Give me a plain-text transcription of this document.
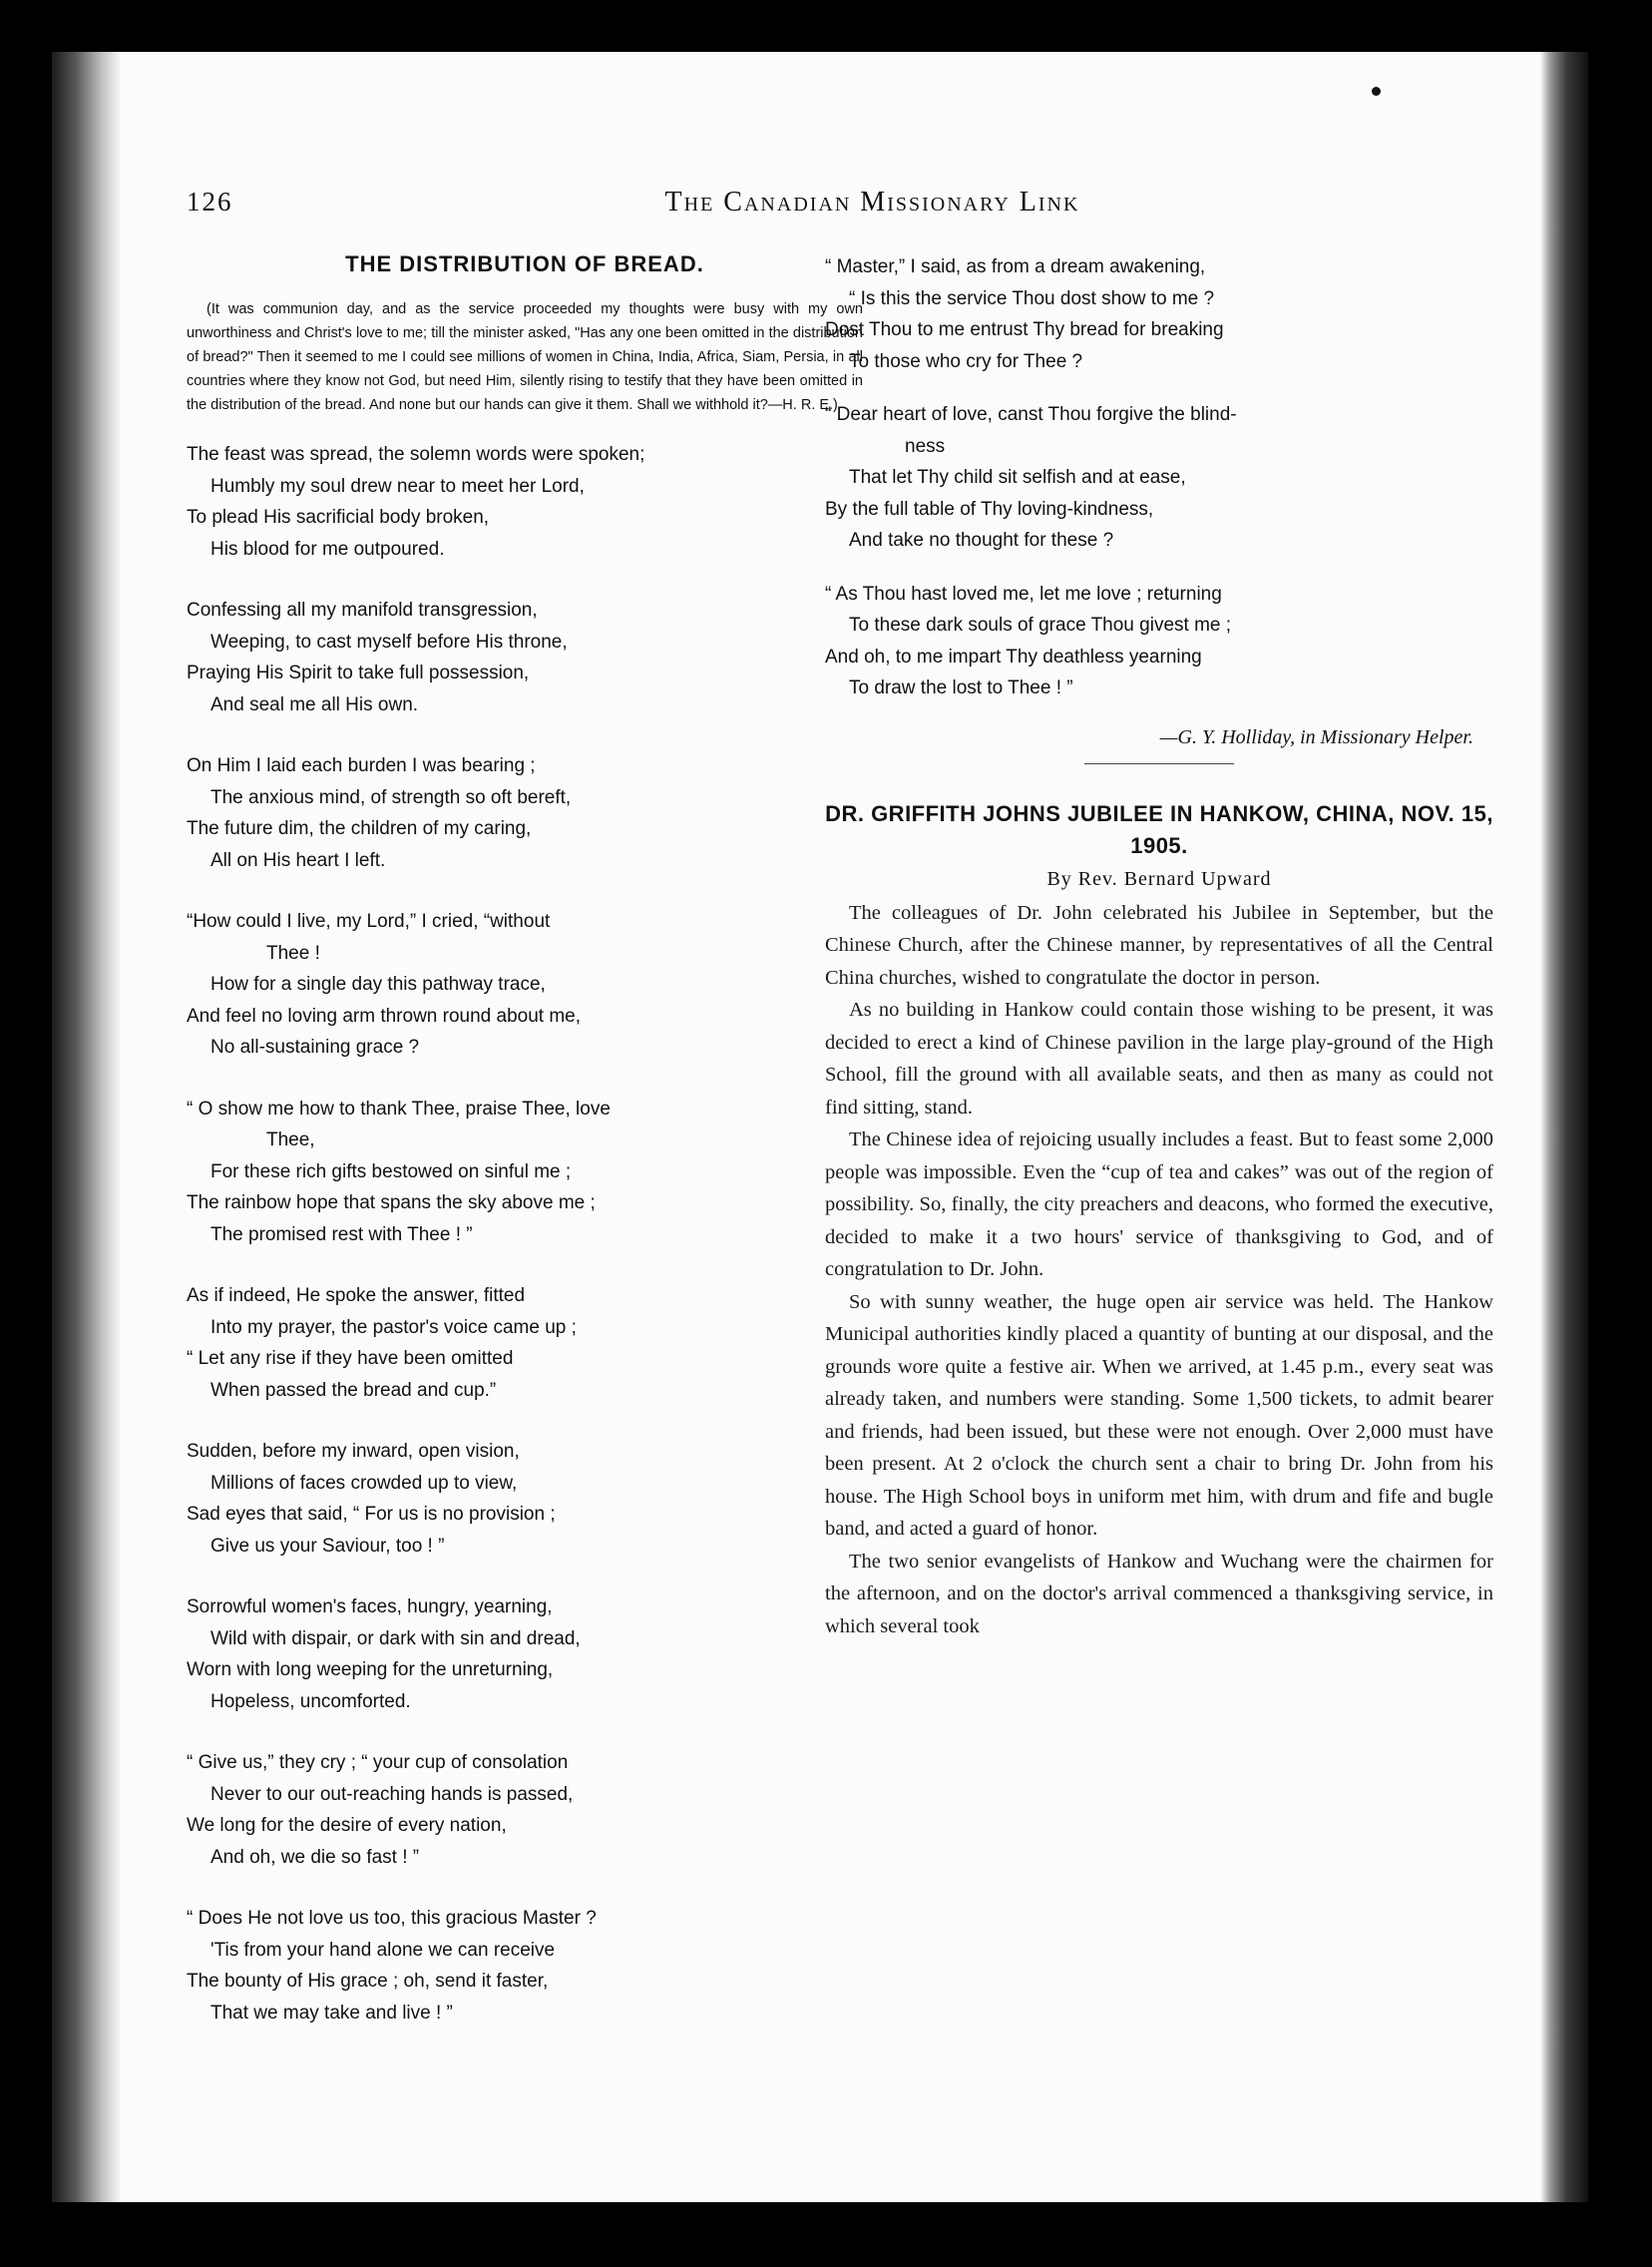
126	The Canadian Missionary Link
THE DISTRIBUTION OF BREAD.

(It was communion day, and as the service proceeded my thoughts were busy with my own unworthiness and Christ's love to me; till the minister asked, "Has any one been omitted in the distribution of bread?" Then it seemed to me I could see millions of women in China, India, Africa, Siam, Persia, in all countries where they know not God, but need Him, silently rising to testify that they have been omitted in the distribution of the bread. And none but our hands can give it them. Shall we withhold it?—H. R. E.)

The feast was spread, the solemn words were spoken;
Humbly my soul drew near to meet her Lord,
To plead His sacrificial body broken,
His blood for me outpoured.
Confessing all my manifold transgression,
Weeping, to cast myself before His throne,
Praying His Spirit to take full possession,
And seal me all His own.
On Him I laid each burden I was bearing ;
The anxious mind, of strength so oft bereft,
The future dim, the children of my caring,
All on His heart I left.
“How could I live, my Lord,” I cried, “without
Thee !
How for a single day this pathway trace,
And feel no loving arm thrown round about me,
No all-sustaining grace ?
“ O show me how to thank Thee, praise Thee, love
Thee,
For these rich gifts bestowed on sinful me ;
The rainbow hope that spans the sky above me ;
The promised rest with Thee ! ”
As if indeed, He spoke the answer, fitted
Into my prayer, the pastor's voice came up ;
“ Let any rise if they have been omitted
When passed the bread and cup.”
Sudden, before my inward, open vision,
Millions of faces crowded up to view,
Sad eyes that said, “ For us is no provision ;
Give us your Saviour, too ! ”
Sorrowful women's faces, hungry, yearning,
Wild with dispair, or dark with sin and dread,
Worn with long weeping for the unreturning,
Hopeless, uncomforted.
“ Give us,” they cry ; “ your cup of consolation
Never to our out-reaching hands is passed,
We long for the desire of every nation,
And oh, we die so fast ! ”
“ Does He not love us too, this gracious Master ?
'Tis from your hand alone we can receive
The bounty of His grace ; oh, send it faster,
That we may take and live ! ”
“ Master,” I said, as from a dream awakening,
“ Is this the service Thou dost show to me ?
Dost Thou to me entrust Thy bread for breaking
To those who cry for Thee ?
“ Dear heart of love, canst Thou forgive the blind-
ness
That let Thy child sit selfish and at ease,
By the full table of Thy loving-kindness,
And take no thought for these ?
“ As Thou hast loved me, let me love ; returning
To these dark souls of grace Thou givest me ;
And oh, to me impart Thy deathless yearning
To draw the lost to Thee ! ”
—G. Y. Holliday, in Missionary Helper.
DR. GRIFFITH JOHNS JUBILEE IN HANKOW, CHINA, NOV. 15, 1905.
By Rev. Bernard Upward

The colleagues of Dr. John celebrated his Jubilee in September, but the Chinese Church, after the Chinese manner, by representatives of all the Central China churches, wished to congratulate the doctor in person.

As no building in Hankow could contain those wishing to be present, it was decided to erect a kind of Chinese pavilion in the large play-ground of the High School, fill the ground with all available seats, and then as many as could not find sitting, stand.

The Chinese idea of rejoicing usually includes a feast. But to feast some 2,000 people was impossible. Even the “cup of tea and cakes” was out of the region of possibility. So, finally, the city preachers and deacons, who formed the executive, decided to make it a two hours' service of thanksgiving to God, and of congratulation to Dr. John.

So with sunny weather, the huge open air service was held. The Hankow Municipal authorities kindly placed a quantity of bunting at our disposal, and the grounds wore quite a festive air. When we arrived, at 1.45 p.m., every seat was already taken, and numbers were standing. Some 1,500 tickets, to admit bearer and friends, had been issued, but these were not enough. Over 2,000 must have been present. At 2 o'clock the church sent a chair to bring Dr. John from his house. The High School boys in uniform met him, with drum and fife and bugle band, and acted a guard of honor.

The two senior evangelists of Hankow and Wuchang were the chairmen for the afternoon, and on the doctor's arrival commenced a thanksgiving service, in which several took
